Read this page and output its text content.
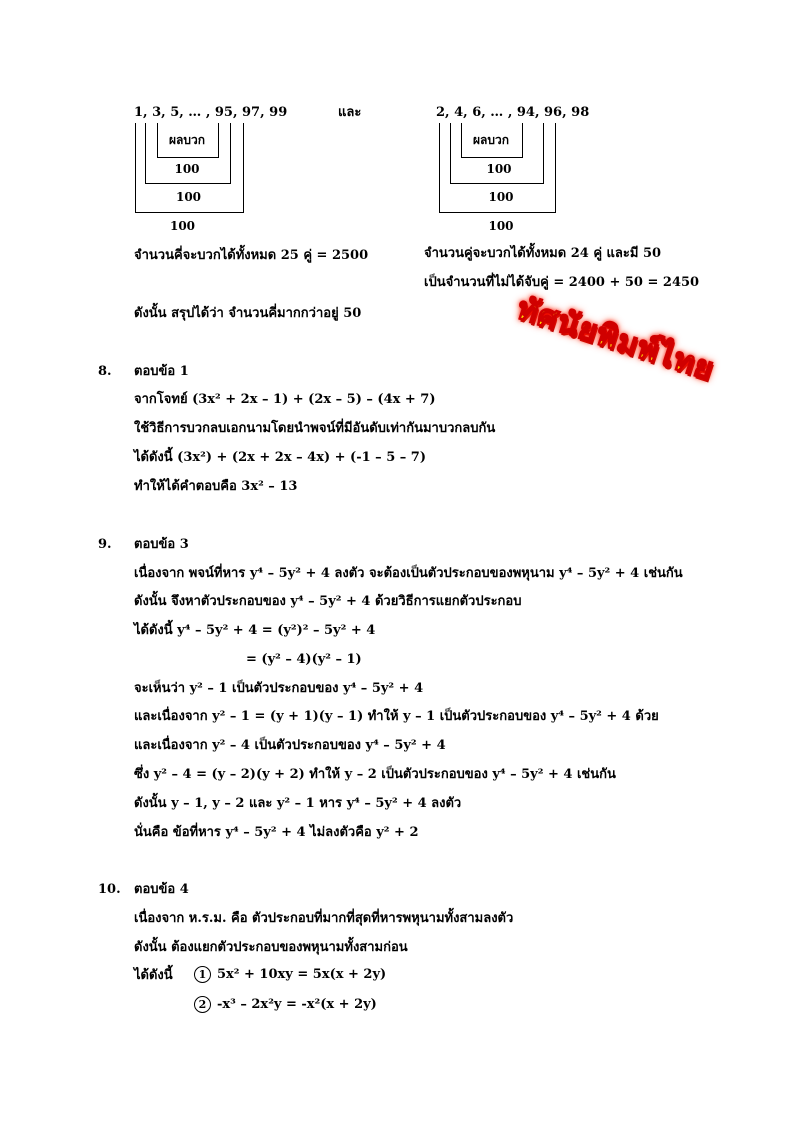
1, 3, 5, … , 95, 97, 99	และ	2, 4, 6, … , 94, 96, 98
ผลบวก
100
100
100
ผลบวก
100
100
100
จำนวนคี่จะบวกได้ทั้งหมด 25 คู่ = 2500	จำนวนคู่จะบวกได้ทั้งหมด 24 คู่ และมี 50
เป็นจำนวนที่ไม่ได้จับคู่ = 2400 + 50 = 2450
ดังนั้น สรุปได้ว่า จำนวนคี่มากกว่าอยู่ 50	ทัศนัยพิมพ์ไทย
8. ตอบข้อ 1
จากโจทย์ (3x² + 2x – 1) + (2x – 5) – (4x + 7)
ใช้วิธีการบวกลบเอกนามโดยนำพจน์ที่มีอันดับเท่ากันมาบวกลบกัน
ได้ดังนี้ (3x²) + (2x + 2x – 4x) + (-1 – 5 – 7)
ทำให้ได้คำตอบคือ 3x² – 13
9. ตอบข้อ 3
เนื่องจาก พจน์ที่หาร y⁴ – 5y² + 4 ลงตัว จะต้องเป็นตัวประกอบของพหุนาม y⁴ – 5y² + 4 เช่นกัน
ดังนั้น จึงหาตัวประกอบของ y⁴ – 5y² + 4 ด้วยวิธีการแยกตัวประกอบ
ได้ดังนี้ y⁴ – 5y² + 4 = (y²)² – 5y² + 4
= (y² – 4)(y² – 1)
จะเห็นว่า y² – 1 เป็นตัวประกอบของ y⁴ – 5y² + 4
และเนื่องจาก y² – 1 = (y + 1)(y – 1) ทำให้ y – 1 เป็นตัวประกอบของ y⁴ – 5y² + 4 ด้วย
และเนื่องจาก y² – 4 เป็นตัวประกอบของ y⁴ – 5y² + 4
ซึ่ง y² – 4 = (y – 2)(y + 2) ทำให้ y – 2 เป็นตัวประกอบของ y⁴ – 5y² + 4 เช่นกัน
ดังนั้น y – 1, y – 2 และ y² – 1 หาร y⁴ – 5y² + 4 ลงตัว
นั่นคือ ข้อที่หาร y⁴ – 5y² + 4 ไม่ลงตัวคือ y² + 2
10. ตอบข้อ 4
เนื่องจาก ห.ร.ม. คือ ตัวประกอบที่มากที่สุดที่หารพหุนามทั้งสามลงตัว
ดังนั้น ต้องแยกตัวประกอบของพหุนามทั้งสามก่อน
ได้ดังนี้	1 5x² + 10xy = 5x(x + 2y)
2 -x³ – 2x²y = -x²(x + 2y)
